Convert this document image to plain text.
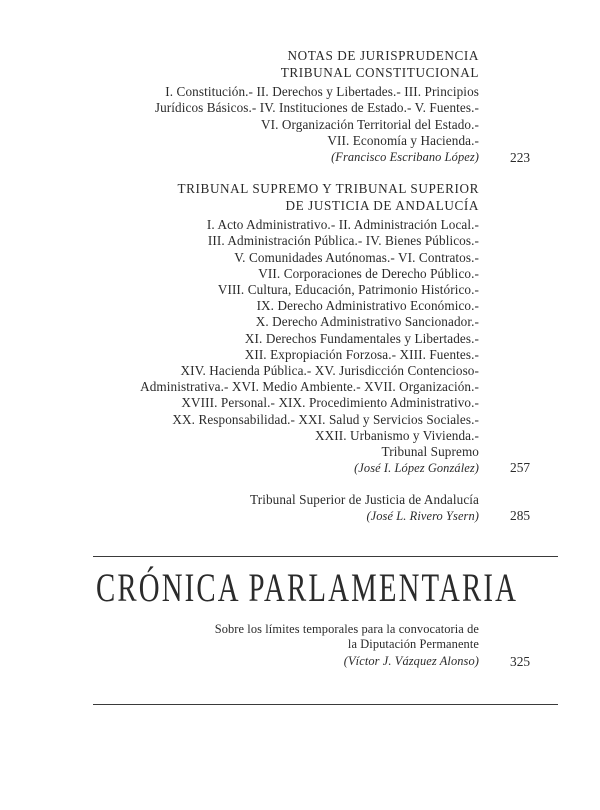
NOTAS DE JURISPRUDENCIA
TRIBUNAL CONSTITUCIONAL
I. Constitución.- II. Derechos y Libertades.- III. Principios
Jurídicos Básicos.- IV. Instituciones de Estado.- V. Fuentes.-
VI. Organización Territorial del Estado.-
VII. Economía y Hacienda.-
(Francisco Escribano López) 223
TRIBUNAL SUPREMO Y TRIBUNAL SUPERIOR
DE JUSTICIA DE ANDALUCÍA
I. Acto Administrativo.- II. Administración Local.-
III. Administración Pública.- IV. Bienes Públicos.-
V. Comunidades Autónomas.- VI. Contratos.-
VII. Corporaciones de Derecho Público.-
VIII. Cultura, Educación, Patrimonio Histórico.-
IX. Derecho Administrativo Económico.-
X. Derecho Administrativo Sancionador.-
XI. Derechos Fundamentales y Libertades.-
XII. Expropiación Forzosa.- XIII. Fuentes.-
XIV. Hacienda Pública.- XV. Jurisdicción Contencioso-
Administrativa.- XVI. Medio Ambiente.- XVII. Organización.-
XVIII. Personal.- XIX. Procedimiento Administrativo.-
XX. Responsabilidad.- XXI. Salud y Servicios Sociales.-
XXII. Urbanismo y Vivienda.-
Tribunal Supremo
(José I. López González) 257
Tribunal Superior de Justicia de Andalucía
(José L. Rivero Ysern) 285
CRÓNICA PARLAMENTARIA
Sobre los límites temporales para la convocatoria de
la Diputación Permanente
(Víctor J. Vázquez Alonso) 325
